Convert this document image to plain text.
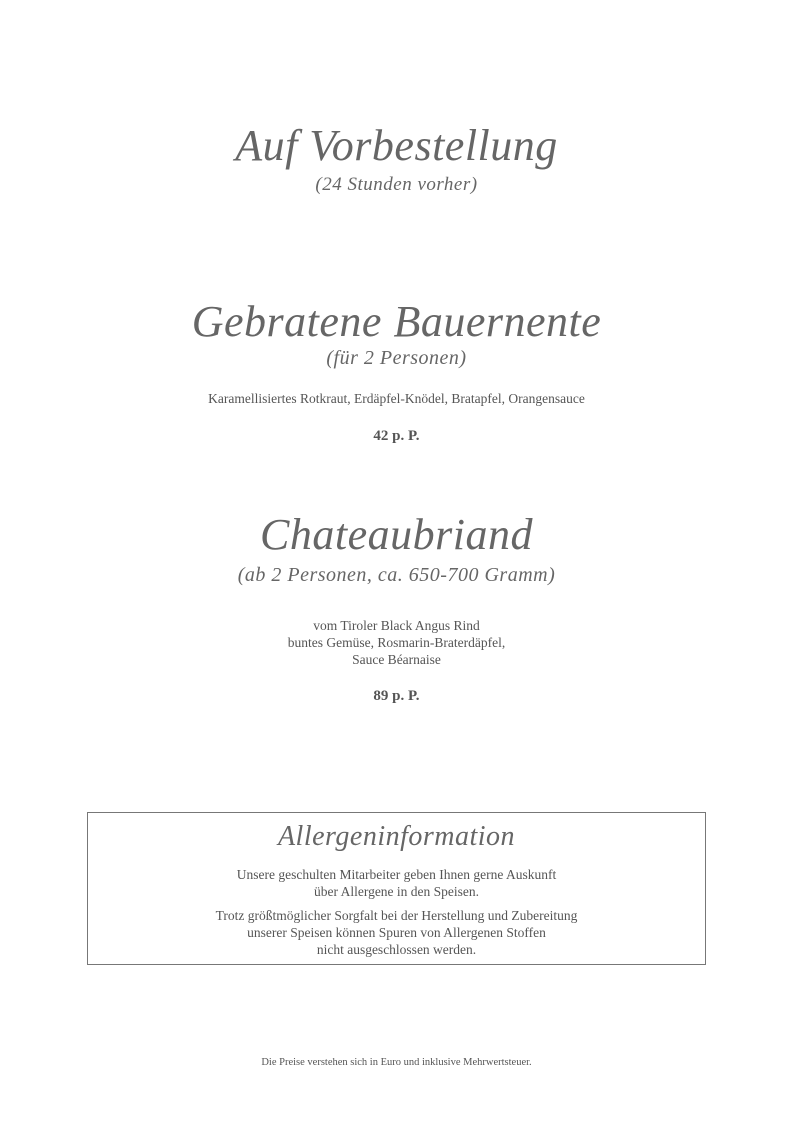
Auf Vorbestellung
(24 Stunden vorher)
Gebratene Bauernente
(für 2 Personen)
Karamellisiertes Rotkraut, Erdäpfel-Knödel, Bratapfel, Orangensauce
42 p. P.
Chateaubriand
(ab 2 Personen, ca. 650-700 Gramm)
vom Tiroler Black Angus Rind
buntes Gemüse, Rosmarin-Braterdäpfel,
Sauce Béarnaise
89 p. P.
Allergeninformation
Unsere geschulten Mitarbeiter geben Ihnen gerne Auskunft
über Allergene in den Speisen.
Trotz größtmöglicher Sorgfalt bei der Herstellung und Zubereitung
unserer Speisen können Spuren von Allergenen Stoffen
nicht ausgeschlossen werden.
Die Preise verstehen sich in Euro und inklusive Mehrwertsteuer.
